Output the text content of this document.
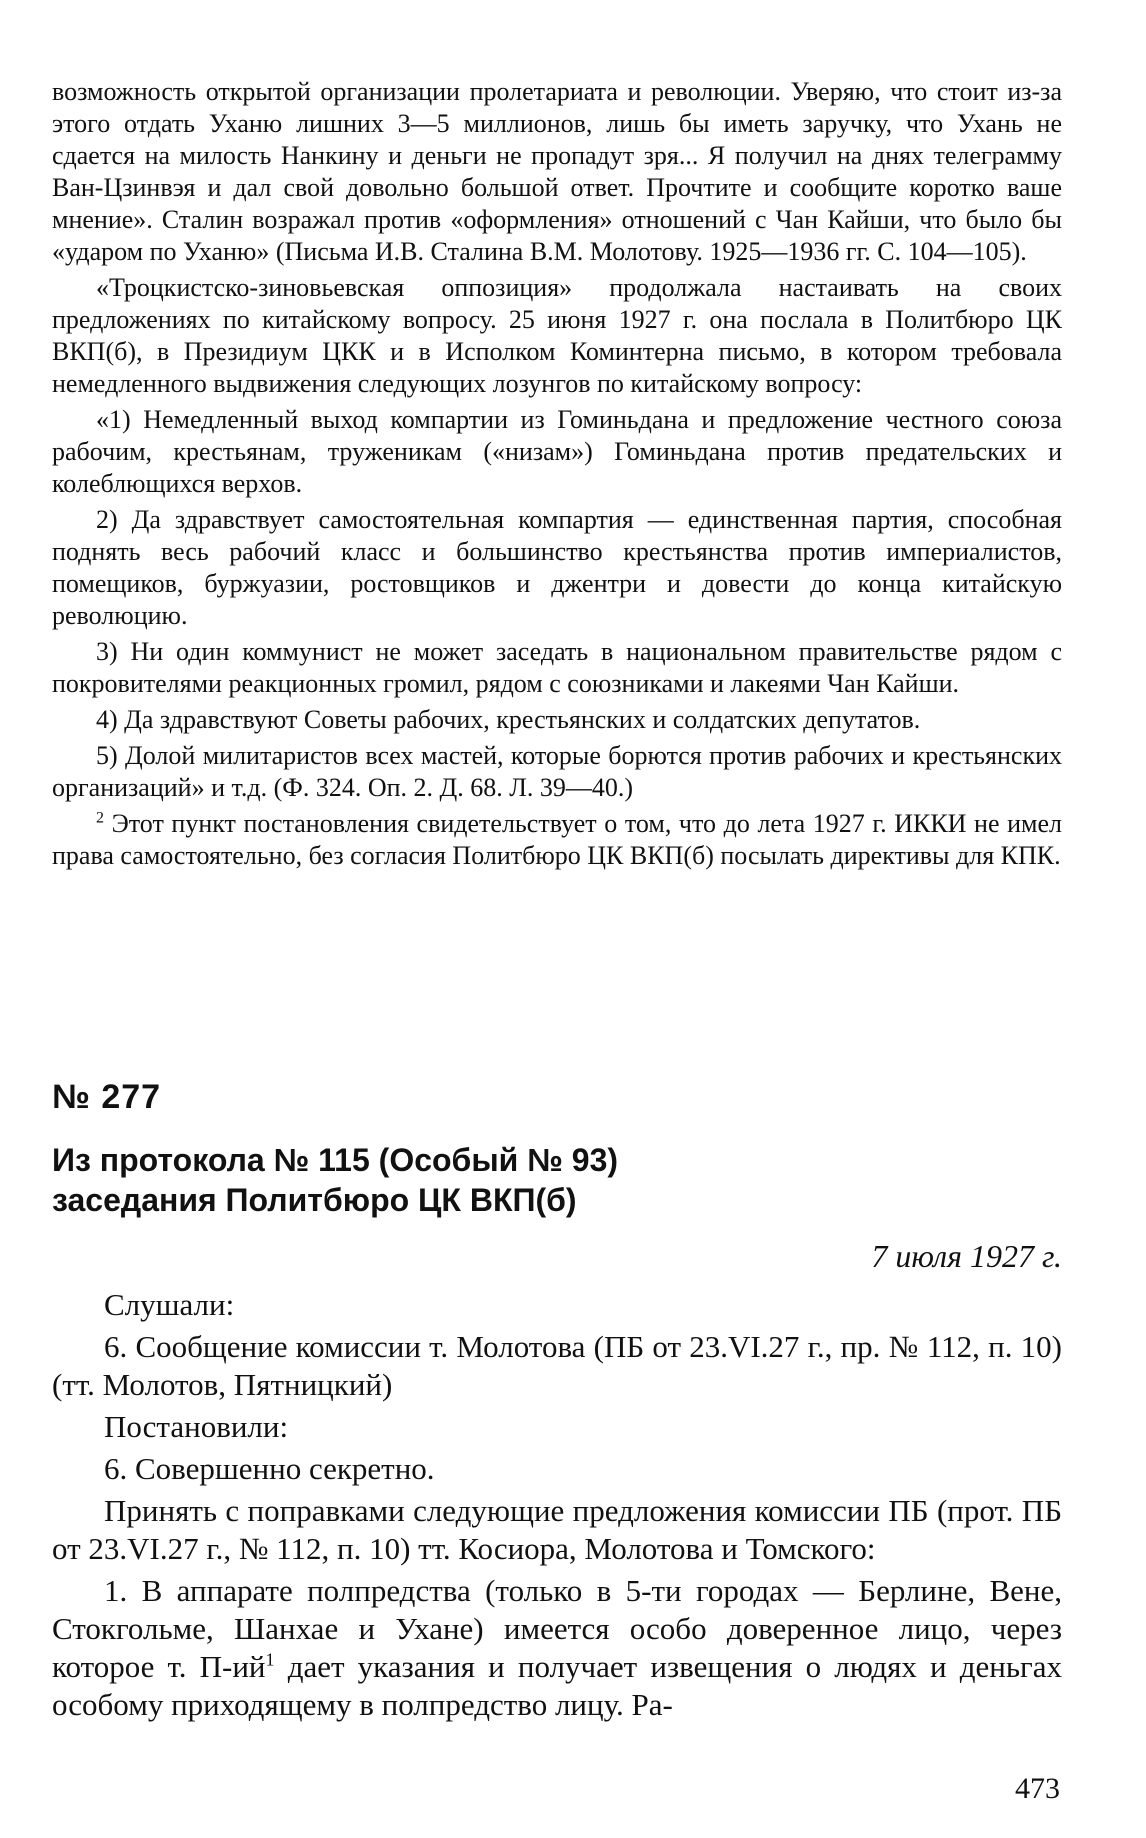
возможность открытой организации пролетариата и революции. Уверяю, что стоит из-за этого отдать Уханю лишних 3—5 миллионов, лишь бы иметь заручку, что Ухань не сдается на милость Нанкину и деньги не пропадут зря... Я получил на днях телеграмму Ван-Цзинвэя и дал свой довольно большой ответ. Прочтите и сообщите коротко ваше мнение». Сталин возражал против «оформления» отношений с Чан Кайши, что было бы «ударом по Уханю» (Письма И.В. Сталина В.М. Молотову. 1925—1936 гг. С. 104—105).

«Троцкистско-зиновьевская оппозиция» продолжала настаивать на своих предложениях по китайскому вопросу. 25 июня 1927 г. она послала в Политбюро ЦК ВКП(б), в Президиум ЦКК и в Исполком Коминтерна письмо, в котором требовала немедленного выдвижения следующих лозунгов по китайскому вопросу:

«1) Немедленный выход компартии из Гоминьдана и предложение честного союза рабочим, крестьянам, труженикам («низам») Гоминьдана против предательских и колеблющихся верхов.

2) Да здравствует самостоятельная компартия — единственная партия, способная поднять весь рабочий класс и большинство крестьянства против империалистов, помещиков, буржуазии, ростовщиков и джентри и довести до конца китайскую революцию.

3) Ни один коммунист не может заседать в национальном правительстве рядом с покровителями реакционных громил, рядом с союзниками и лакеями Чан Кайши.

4) Да здравствуют Советы рабочих, крестьянских и солдатских депутатов.

5) Долой милитаристов всех мастей, которые борются против рабочих и крестьянских организаций» и т.д. (Ф. 324. Оп. 2. Д. 68. Л. 39—40.)

$^2$ Этот пункт постановления свидетельствует о том, что до лета 1927 г. ИККИ не имел права самостоятельно, без согласия Политбюро ЦК ВКП(б) посылать директивы для КПК.

№ 277
Из протокола № 115 (Особый № 93)
заседания Политбюро ЦК ВКП(б)
7 июля 1927 г.

Слушали:

6. Сообщение комиссии т. Молотова (ПБ от 23.VI.27 г., пр. № 112, п. 10) (тт. Молотов, Пятницкий)

Постановили:

6. Совершенно секретно.

Принять с поправками следующие предложения комиссии ПБ (прот. ПБ от 23.VI.27 г., № 112, п. 10) тт. Косиора, Молотова и Томского:

1. В аппарате полпредства (только в 5-ти городах — Берлине, Вене, Стокгольме, Шанхае и Ухане) имеется особо доверенное лицо, через которое т. $П-ий^1$ дает указания и получает извещения о людях и деньгах особому приходящему в полпредство лицу. Ра-

473
